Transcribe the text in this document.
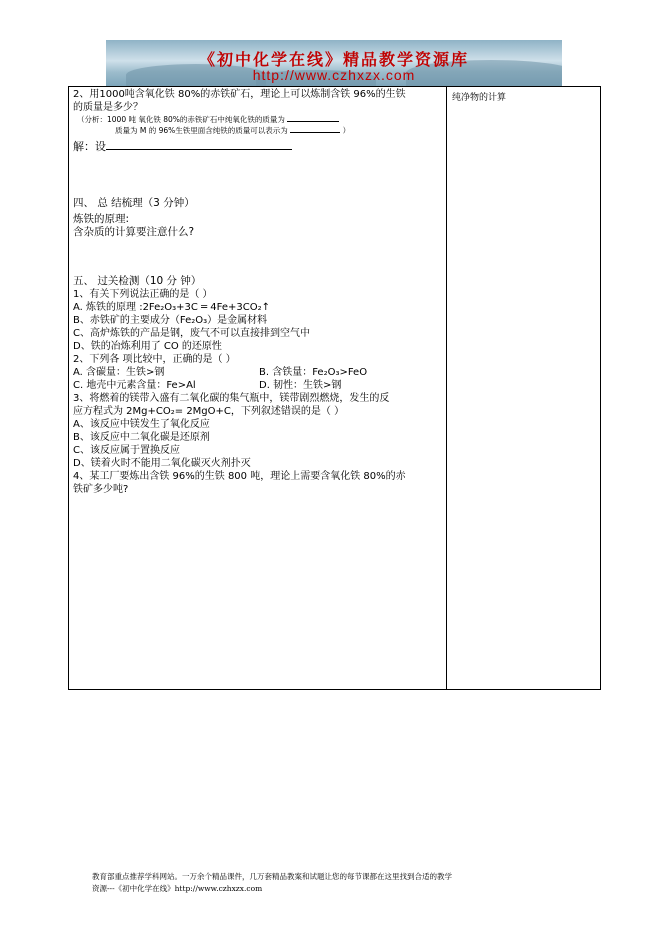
《初中化学在线》精品教学资源库
http://www.czhxzx.com
2、用1000吨含氧化铁 80%的赤铁矿石，理论上可以炼制含铁 96%的生铁
的质量是多少？
（分析：1000 吨 氧化铁 80%的赤铁矿石中纯氧化铁的质量为
质量为 M 的 96%生铁里面含纯铁的质量可以表示为	）
解：设
四、 总 结梳理（3 分钟）
炼铁的原理:
含杂质的计算要注意什么?
五、 过关检测（10 分 钟）
1、有关下列说法正确的是（ ）
A. 炼铁的原理 :2Fe₂O₃+3C ═ 4Fe+3CO₂↑
B、赤铁矿的主要成分（Fe₂O₃）是金属材料
C、高炉炼铁的产品是钢，废气不可以直接排到空气中
D、铁的冶炼利用了 CO 的还原性
2、下列各 项比较中，正确的是（ ）
A. 含碳量：生铁>钢	B. 含铁量：Fe₂O₃>FeO
C. 地壳中元素含量：Fe>Al	D. 韧性：生铁>钢
3、将燃着的镁带入盛有二氧化碳的集气瓶中，镁带剧烈燃烧，发生的反
应方程式为 2Mg+CO₂= 2MgO+C，下列叙述错误的是（ ）
A、该反应中镁发生了氧化反应
B、该反应中二氧化碳是还原剂
C、该反应属于置换反应
D、镁着火时不能用二氧化碳灭火剂扑灭
4、某工厂要炼出含铁 96%的生铁 800 吨，理论上需要含氧化铁 80%的赤
铁矿多少吨?
纯净物的计算
教育部重点推荐学科网站。一万余个精品课件，几万套精品教案和试题让您的每节课都在这里找到合适的教学
资源---《初中化学在线》http://www.czhxzx.com
